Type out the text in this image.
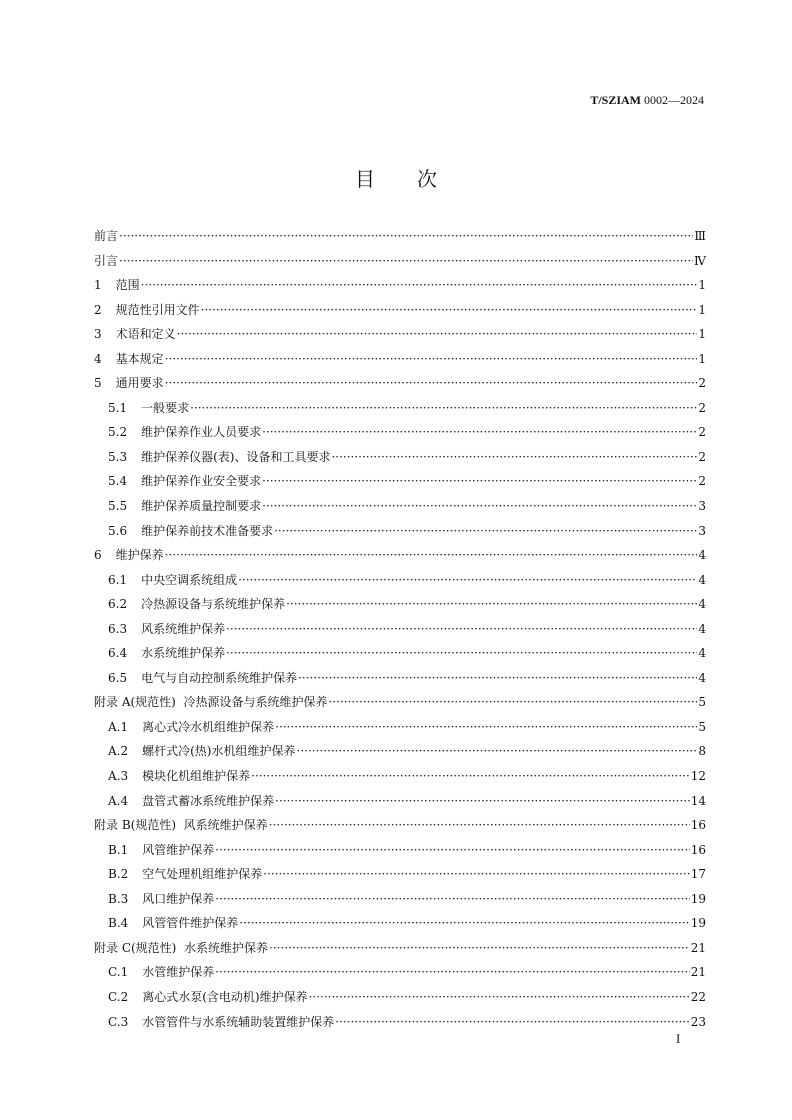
T/SZIAM 0002—2024
目次
前言 ·····	Ⅲ
引言 ·····	Ⅳ
1 范围 ·····	1
2 规范性引用文件 ·····	1
3 术语和定义 ·····	1
4 基本规定 ·····	1
5 通用要求 ·····	2
5.1 一般要求 ·····	2
5.2 维护保养作业人员要求 ·····	2
5.3 维护保养仪器(表)、设备和工具要求 ·····	2
5.4 维护保养作业安全要求 ·····	2
5.5 维护保养质量控制要求 ·····	3
5.6 维护保养前技术准备要求 ·····	3
6 维护保养 ·····	4
6.1 中央空调系统组成 ·····	4
6.2 冷热源设备与系统维护保养 ·····	4
6.3 风系统维护保养 ·····	4
6.4 水系统维护保养 ·····	4
6.5 电气与自动控制系统维护保养 ·····	4
附录 A(规范性)  冷热源设备与系统维护保养 ·····	5
A.1 离心式冷水机组维护保养 ·····	5
A.2 螺杆式冷(热)水机组维护保养 ·····	8
A.3 模块化机组维护保养 ·····	12
A.4 盘管式蓄冰系统维护保养 ·····	14
附录 B(规范性)  风系统维护保养 ·····	16
B.1 风管维护保养 ·····	16
B.2 空气处理机组维护保养 ·····	17
B.3 风口维护保养 ·····	19
B.4 风管管件维护保养 ·····	19
附录 C(规范性)  水系统维护保养 ·····	21
C.1 水管维护保养 ·····	21
C.2 离心式水泵(含电动机)维护保养 ·····	22
C.3 水管管件与水系统辅助装置维护保养 ·····	23
I
